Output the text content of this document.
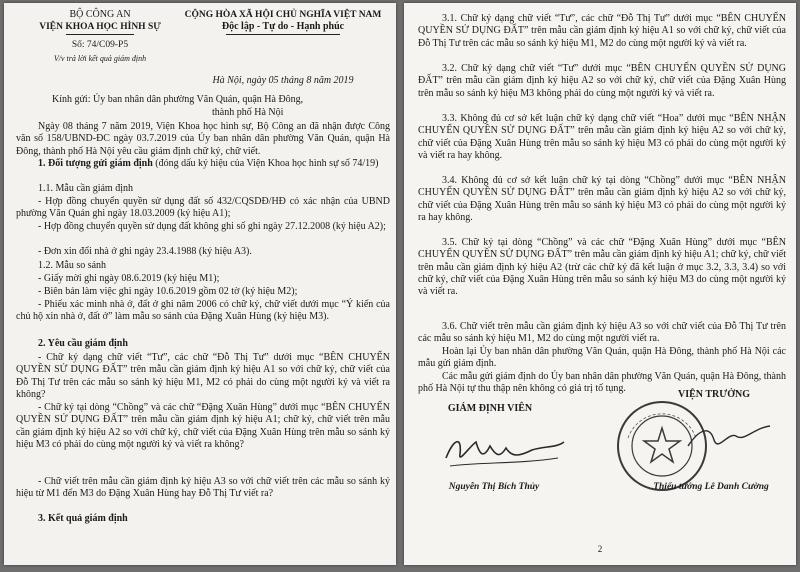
BỘ CÔNG AN
VIỆN KHOA HỌC HÌNH SỰ
Số: 74/C09-P5
V/v trả lời kết quả giám định
CỘNG HÒA XÃ HỘI CHỦ NGHĨA VIỆT NAM
Độc lập - Tự do - Hạnh phúc
Hà Nội, ngày 05 tháng 8 năm 2019
Kính gửi: Ủy ban nhân dân phường Văn Quán, quận Hà Đông,
thành phố Hà Nội

Ngày 08 tháng 7 năm 2019, Viện Khoa học hình sự, Bộ Công an đã nhận được Công văn số 158/UBND-ĐC ngày 03.7.2019 của Ủy ban nhân dân phường Văn Quán, quận Hà Đông, thành phố Hà Nội yêu cầu giám định chữ ký, chữ viết.

1. Đối tượng gửi giám định (đóng dấu ký hiệu của Viện Khoa học hình sự số 74/19)

1.1. Mẫu cần giám định

- Hợp đồng chuyển quyền sử dụng đất số 432/CQSDĐ/HĐ có xác nhận của UBND phường Văn Quán ghi ngày 18.03.2009 (ký hiệu A1);

- Hợp đồng chuyển quyền sử dụng đất không ghi số ghi ngày 27.12.2008 (ký hiệu A2);

- Đơn xin đổi nhà ở ghi ngày 23.4.1988 (ký hiệu A3).

1.2. Mẫu so sánh

- Giấy mời ghi ngày 08.6.2019 (ký hiệu M1);

- Biên bản làm việc ghi ngày 10.6.2019 gồm 02 tờ (ký hiệu M2);

- Phiếu xác minh nhà ở, đất ở ghi năm 2006 có chữ ký, chữ viết dưới mục “Ý kiến của chủ hộ xin nhà ở, đất ở” làm mẫu so sánh của Đặng Xuân Hùng (ký hiệu M3).

2. Yêu cầu giám định

- Chữ ký dạng chữ viết “Tư”, các chữ “Đỗ Thị Tư” dưới mục “BÊN CHUYỂN QUYỀN SỬ DỤNG ĐẤT” trên mẫu cần giám định ký hiệu A1 so với chữ ký, chữ viết của Đỗ Thị Tư trên các mẫu so sánh ký hiệu M1, M2 có phải do cùng một người ký và viết ra không?

- Chữ ký tại dòng “Chồng” và các chữ “Đặng Xuân Hùng” dưới mục “BÊN CHUYỂN QUYỀN SỬ DỤNG ĐẤT” trên mẫu cần giám định ký hiệu A1; chữ ký, chữ viết trên mẫu cần giám định ký hiệu A2 so với chữ ký, chữ viết của Đặng Xuân Hùng trên mẫu so sánh ký hiệu M3 có phải do cùng một người ký và viết ra không?

- Chữ viết trên mẫu cần giám định ký hiệu A3 so với chữ viết trên các mẫu so sánh ký hiệu từ M1 đến M3 do Đặng Xuân Hùng hay Đỗ Thị Tư viết ra?

3. Kết quả giám định

3.1. Chữ ký dạng chữ viết “Tư”, các chữ “Đỗ Thị Tư” dưới mục “BÊN CHUYỂN QUYỀN SỬ DỤNG ĐẤT” trên mẫu cần giám định ký hiệu A1 so với chữ ký, chữ viết của Đỗ Thị Tư trên các mẫu so sánh ký hiệu M1, M2 do cùng một người ký và viết ra.

3.2. Chữ ký dạng chữ viết “Tư” dưới mục “BÊN CHUYỂN QUYỀN SỬ DỤNG ĐẤT” trên mẫu cần giám định ký hiệu A2 so với chữ ký, chữ viết của Đặng Xuân Hùng trên mẫu so sánh ký hiệu M3 không phải do cùng một người ký và viết ra.

3.3. Không đủ cơ sở kết luận chữ ký dạng chữ viết “Hoa” dưới mục “BÊN NHẬN CHUYỂN QUYỀN SỬ DỤNG ĐẤT” trên mẫu cần giám định ký hiệu A2 so với chữ ký, chữ viết của Đặng Xuân Hùng trên mẫu so sánh ký hiệu M3 có phải do cùng một người ký và viết ra hay không.

3.4. Không đủ cơ sở kết luận chữ ký tại dòng “Chồng” dưới mục “BÊN NHẬN CHUYỂN QUYỀN SỬ DỤNG ĐẤT” trên mẫu cần giám định ký hiệu A2 so với chữ ký, chữ viết của Đặng Xuân Hùng trên mẫu so sánh ký hiệu M3 có phải do cùng một người ký ra hay không.

3.5. Chữ ký tại dòng “Chồng” và các chữ “Đặng Xuân Hùng” dưới mục “BÊN CHUYỂN QUYỀN SỬ DỤNG ĐẤT” trên mẫu cần giám định ký hiệu A1; chữ ký, chữ viết trên mẫu cần giám định ký hiệu A2 (trừ các chữ ký đã kết luận ở mục 3.2, 3.3, 3.4) so với chữ ký, chữ viết của Đặng Xuân Hùng trên mẫu so sánh ký hiệu M3 do cùng một người ký và viết ra.

3.6. Chữ viết trên mẫu cần giám định ký hiệu A3 so với chữ viết của Đỗ Thị Tư trên các mẫu so sánh ký hiệu M1, M2 do cùng một người viết ra.

Hoàn lại Ủy ban nhân dân phường Văn Quán, quận Hà Đông, thành phố Hà Nội các mẫu gửi giám định.

Các mẫu gửi giám định do Ủy ban nhân dân phường Văn Quán, quận Hà Đông, thành phố Hà Nội tự thu thập nên không có giá trị tố tụng.

GIÁM ĐỊNH VIÊN
VIỆN TRƯỞNG
Nguyễn Thị Bích Thủy	Thiếu tướng Lê Danh Cường
2
